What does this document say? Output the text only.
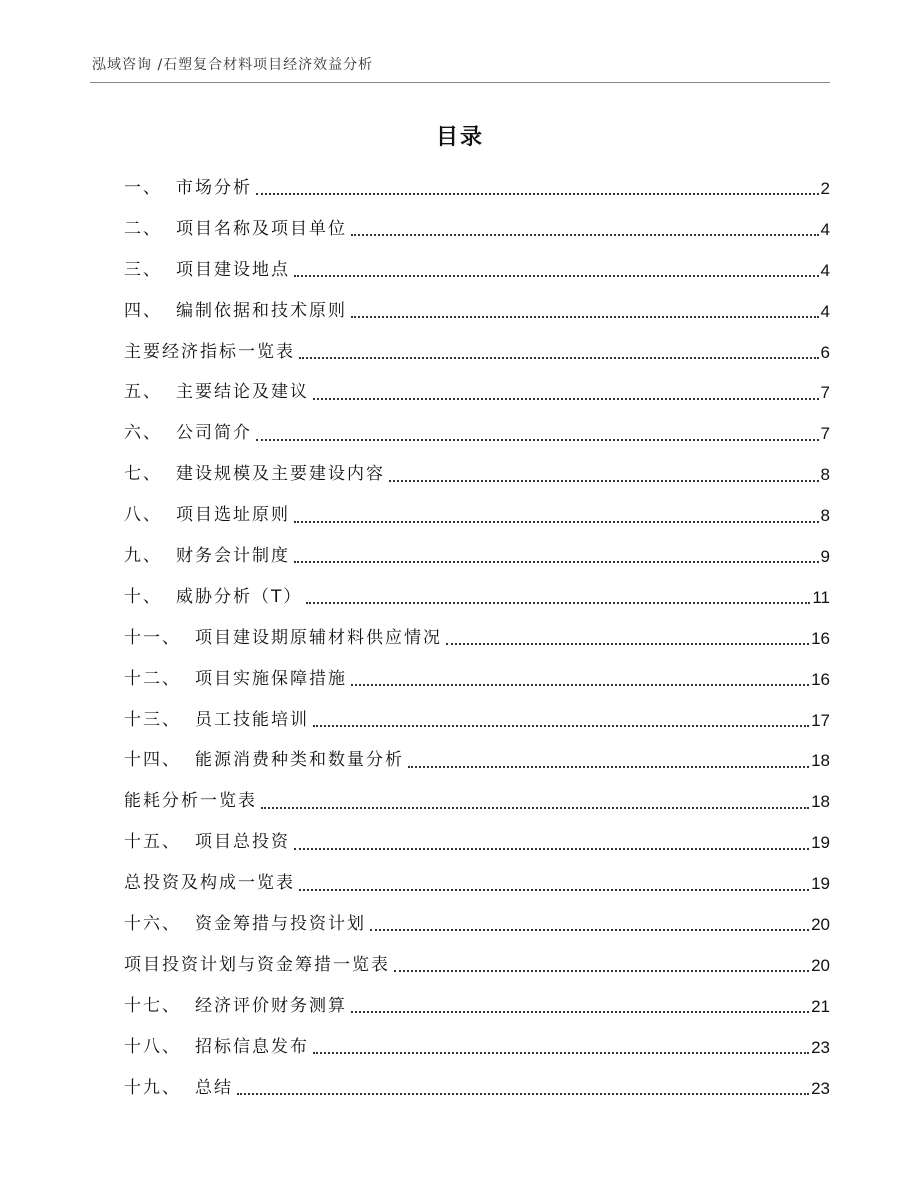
泓域咨询 /石塑复合材料项目经济效益分析
目录
一、 市场分析	2
二、 项目名称及项目单位	4
三、 项目建设地点	4
四、 编制依据和技术原则	4
主要经济指标一览表	6
五、 主要结论及建议	7
六、 公司简介	7
七、 建设规模及主要建设内容	8
八、 项目选址原则	8
九、 财务会计制度	9
十、 威胁分析（T）	11
十一、 项目建设期原辅材料供应情况	16
十二、 项目实施保障措施	16
十三、 员工技能培训	17
十四、 能源消费种类和数量分析	18
能耗分析一览表	18
十五、 项目总投资	19
总投资及构成一览表	19
十六、 资金筹措与投资计划	20
项目投资计划与资金筹措一览表	20
十七、 经济评价财务测算	21
十八、 招标信息发布	23
十九、 总结	23
